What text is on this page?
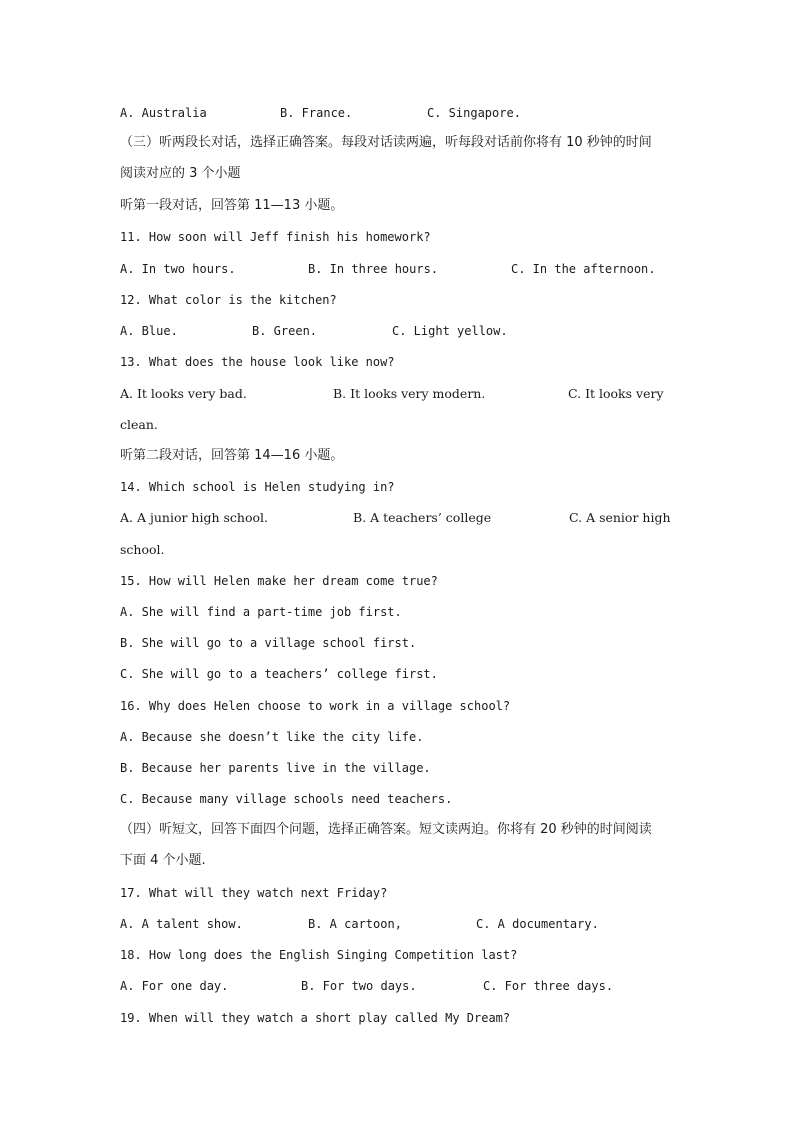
A. Australia	B. France.	C. Singapore.
（三）听两段长对话，选择正确答案。每段对话读两遍，听每段对话前你将有 10 秒钟的时间
阅读对应的 3 个小题
听第一段对话，回答第 11—13 小题。
11. How soon will Jeff finish his homework?
A. In two hours.	B. In three hours.	C. In the afternoon.
12. What color is the kitchen?
A. Blue.	B. Green.	C. Light yellow.
13. What does the house look like now?
A. It looks very bad.	B. It looks very modern.	C. It looks very
clean.
听第二段对话，回答第 14—16 小题。
14. Which school is Helen studying in?
A. A junior high school.	B. A teachers’ college	C. A senior high
school.
15. How will Helen make her dream come true?
A. She will find a part-time job first.
B. She will go to a village school first.
C. She will go to a teachers’ college first.
16. Why does Helen choose to work in a village school?
A. Because she doesn’t like the city life.
B. Because her parents live in the village.
C. Because many village schools need teachers.
（四）听短文，回答下面四个问题，选择正确答案。短文读两迫。你将有 20 秒钟的时间阅读
下面 4 个小题.
17. What will they watch next Friday?
A. A talent show.	B. A cartoon,	C. A documentary.
18. How long does the English Singing Competition last?
A. For one day.	B. For two days.	C. For three days.
19. When will they watch a short play called My Dream?
